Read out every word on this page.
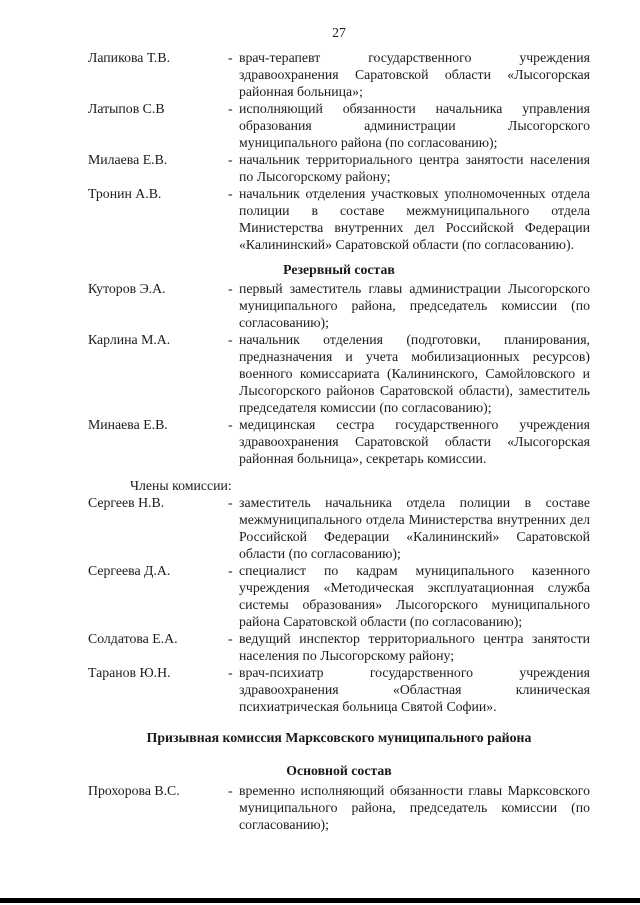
27
Лапикова Т.В.	- врач-терапевт государственного учреждения здравоохранения Саратовской области «Лысогорская районная больница»;
Латыпов С.В	- исполняющий обязанности начальника управления образования администрации Лысогорского муниципального района (по согласованию);
Милаева Е.В.	- начальник территориального центра занятости населения по Лысогорскому району;
Тронин А.В.	- начальник отделения участковых уполномоченных отдела полиции в составе межмуниципального отдела Министерства внутренних дел Российской Федерации «Калининский» Саратовской области (по согласованию).
Резервный состав
Куторов Э.А.	- первый заместитель главы администрации Лысогорского муниципального района, председатель комиссии (по согласованию);
Карлина М.А.	- начальник отделения (подготовки, планирования, предназначения и учета мобилизационных ресурсов) военного комиссариата (Калининского, Самойловского и Лысогорского районов Саратовской области), заместитель председателя комиссии (по согласованию);
Минаева Е.В.	- медицинская сестра государственного учреждения здравоохранения Саратовской области «Лысогорская районная больница», секретарь комиссии.
Члены комиссии:
Сергеев Н.В.	- заместитель начальника отдела полиции в составе межмуниципального отдела Министерства внутренних дел Российской Федерации «Калининский» Саратовской области (по согласованию);
Сергеева Д.А.	- специалист по кадрам муниципального казенного учреждения «Методическая эксплуатационная служба системы образования» Лысогорского муниципального района Саратовской области (по согласованию);
Солдатова Е.А.	- ведущий инспектор территориального центра занятости населения по Лысогорскому району;
Таранов Ю.Н.	- врач-психиатр государственного учреждения здравоохранения «Областная клиническая психиатрическая больница Святой Софии».
Призывная комиссия Марксовского муниципального района
Основной состав
Прохорова В.С.	- временно исполняющий обязанности главы Марксовского муниципального района, председатель комиссии (по согласованию);
